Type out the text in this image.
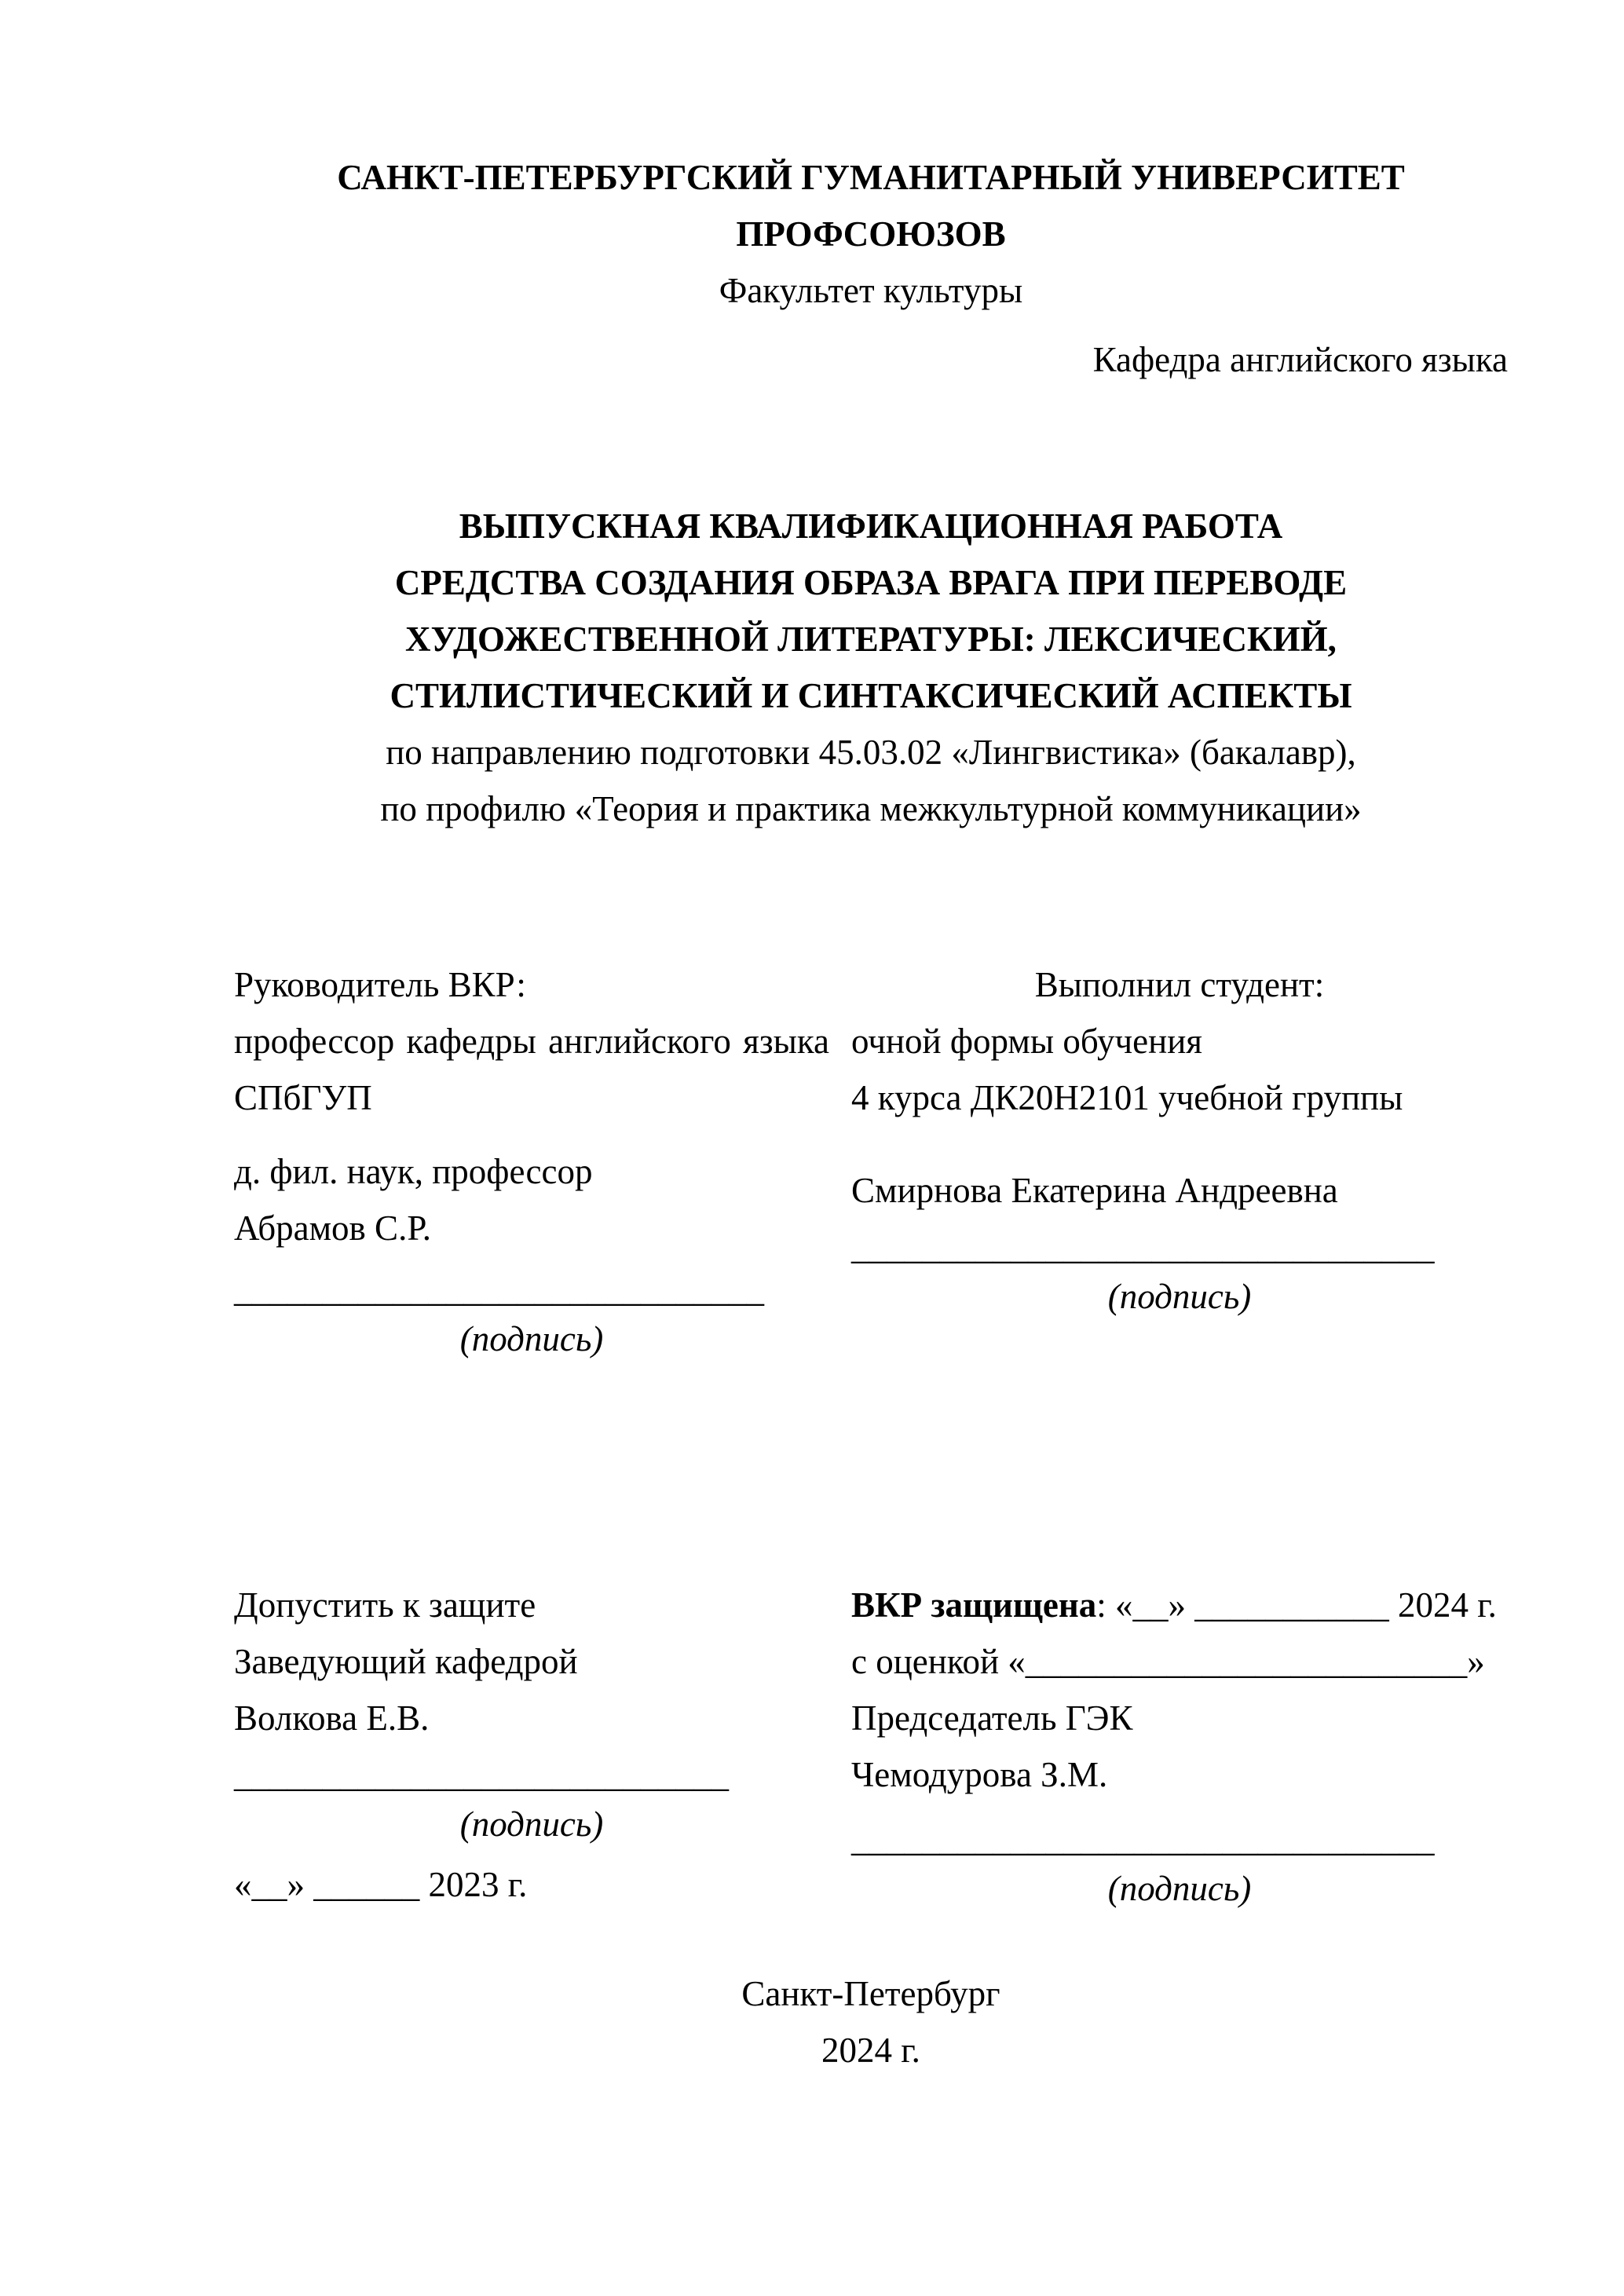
САНКТ-ПЕТЕРБУРГСКИЙ ГУМАНИТАРНЫЙ УНИВЕРСИТЕТ ПРОФСОЮЗОВ
Факультет культуры
Кафедра английского языка
ВЫПУСКНАЯ КВАЛИФИКАЦИОННАЯ РАБОТА
СРЕДСТВА СОЗДАНИЯ ОБРАЗА ВРАГА ПРИ ПЕРЕВОДЕ ХУДОЖЕСТВЕННОЙ ЛИТЕРАТУРЫ: ЛЕКСИЧЕСКИЙ, СТИЛИСТИЧЕСКИЙ И СИНТАКСИЧЕСКИЙ АСПЕКТЫ
по направлению подготовки 45.03.02 «Лингвистика» (бакалавр),
по профилю «Теория и практика межкультурной коммуникации»
Руководитель ВКР:
профессор кафедры английского языка СПбГУП
д. фил. наук, профессор
Абрамов С.Р.
______________________________
(подпись)
Выполнил студент:
очной формы обучения
4 курса ДК20Н2101 учебной группы
Смирнова Екатерина Андреевна
_________________________________
(подпись)
Допустить к защите
Заведующий кафедрой
Волкова Е.В.
____________________________
(подпись)
«__» ______ 2023 г.
ВКР защищена: «__» ___________ 2024 г.
с оценкой «_________________________»
Председатель ГЭК
Чемодурова З.М.
_________________________________
(подпись)
Санкт-Петербург
2024 г.
